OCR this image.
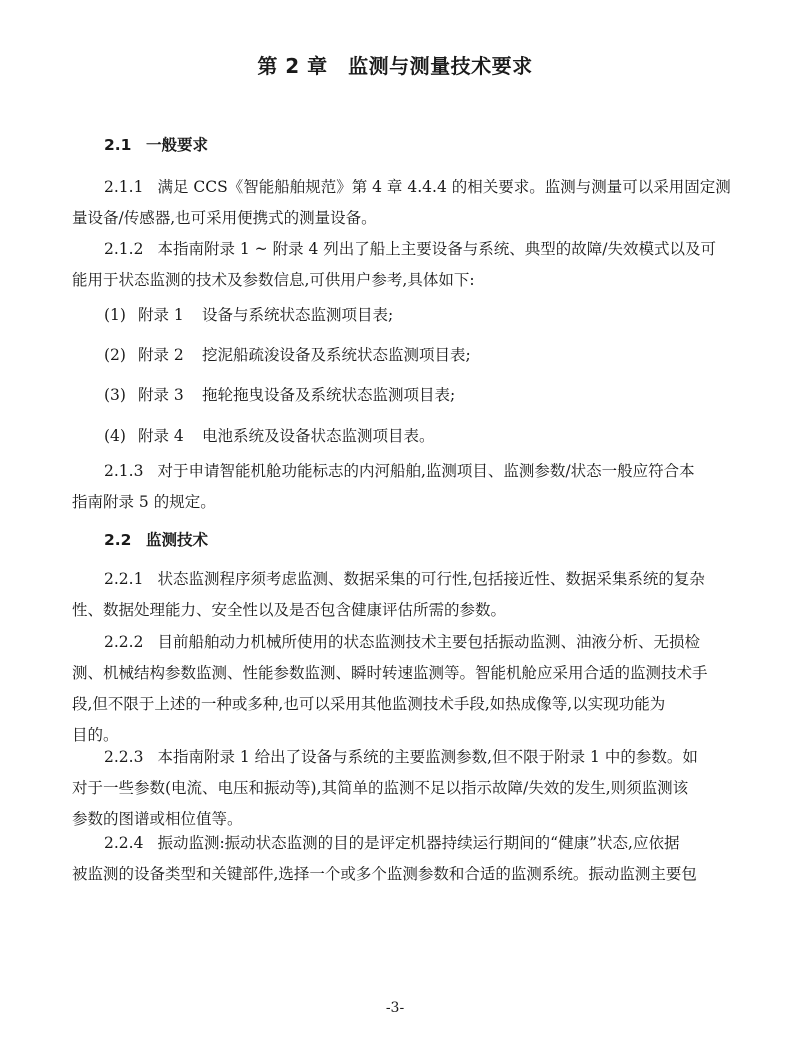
第 2 章　监测与测量技术要求
2.1 一般要求
2.1.1 满足 CCS《智能船舶规范》第 4 章 4.4.4 的相关要求。监测与测量可以采用固定测
量设备/传感器,也可采用便携式的测量设备。
2.1.2 本指南附录 1 ~ 附录 4 列出了船上主要设备与系统、典型的故障/失效模式以及可
能用于状态监测的技术及参数信息,可供用户参考,具体如下:
(1) 附录 1 设备与系统状态监测项目表;
(2) 附录 2 挖泥船疏浚设备及系统状态监测项目表;
(3) 附录 3 拖轮拖曳设备及系统状态监测项目表;
(4) 附录 4 电池系统及设备状态监测项目表。
2.1.3 对于申请智能机舱功能标志的内河船舶,监测项目、监测参数/状态一般应符合本
指南附录 5 的规定。
2.2 监测技术
2.2.1 状态监测程序须考虑监测、数据采集的可行性,包括接近性、数据采集系统的复杂
性、数据处理能力、安全性以及是否包含健康评估所需的参数。
2.2.2 目前船舶动力机械所使用的状态监测技术主要包括振动监测、油液分析、无损检
测、机械结构参数监测、性能参数监测、瞬时转速监测等。智能机舱应采用合适的监测技术手
段,但不限于上述的一种或多种,也可以采用其他监测技术手段,如热成像等,以实现功能为
目的。
2.2.3 本指南附录 1 给出了设备与系统的主要监测参数,但不限于附录 1 中的参数。如
对于一些参数(电流、电压和振动等),其简单的监测不足以指示故障/失效的发生,则须监测该
参数的图谱或相位值等。
2.2.4 振动监测:振动状态监测的目的是评定机器持续运行期间的“健康”状态,应依据
被监测的设备类型和关键部件,选择一个或多个监测参数和合适的监测系统。振动监测主要包
-3-
